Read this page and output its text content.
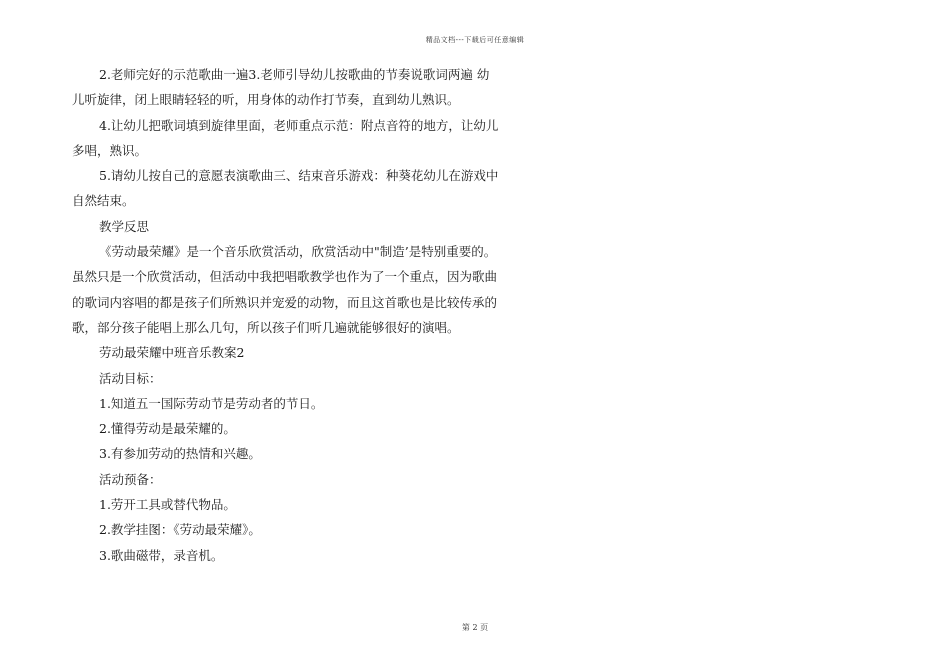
精品文档---下载后可任意编辑
2.老师完好的示范歌曲一遍3.老师引导幼儿按歌曲的节奏说歌词两遍 幼
儿听旋律，闭上眼睛轻轻的听，用身体的动作打节奏，直到幼儿熟识。
4.让幼儿把歌词填到旋律里面，老师重点示范：附点音符的地方，让幼儿
多唱，熟识。
5.请幼儿按自己的意愿表演歌曲三、结束音乐游戏：种葵花幼儿在游戏中
自然结束。
教学反思
《劳动最荣耀》是一个音乐欣赏活动，欣赏活动中"制造’是特别重要的。
虽然只是一个欣赏活动，但活动中我把唱歌教学也作为了一个重点，因为歌曲
的歌词内容唱的都是孩子们所熟识并宠爱的动物，而且这首歌也是比较传承的
歌，部分孩子能唱上那么几句，所以孩子们听几遍就能够很好的演唱。
劳动最荣耀中班音乐教案2
活动目标：
1.知道五一国际劳动节是劳动者的节日。
2.懂得劳动是最荣耀的。
3.有参加劳动的热情和兴趣。
活动预备：
1.劳开工具或替代物品。
2.教学挂图：《劳动最荣耀》。
3.歌曲磁带，录音机。
第 2 页
